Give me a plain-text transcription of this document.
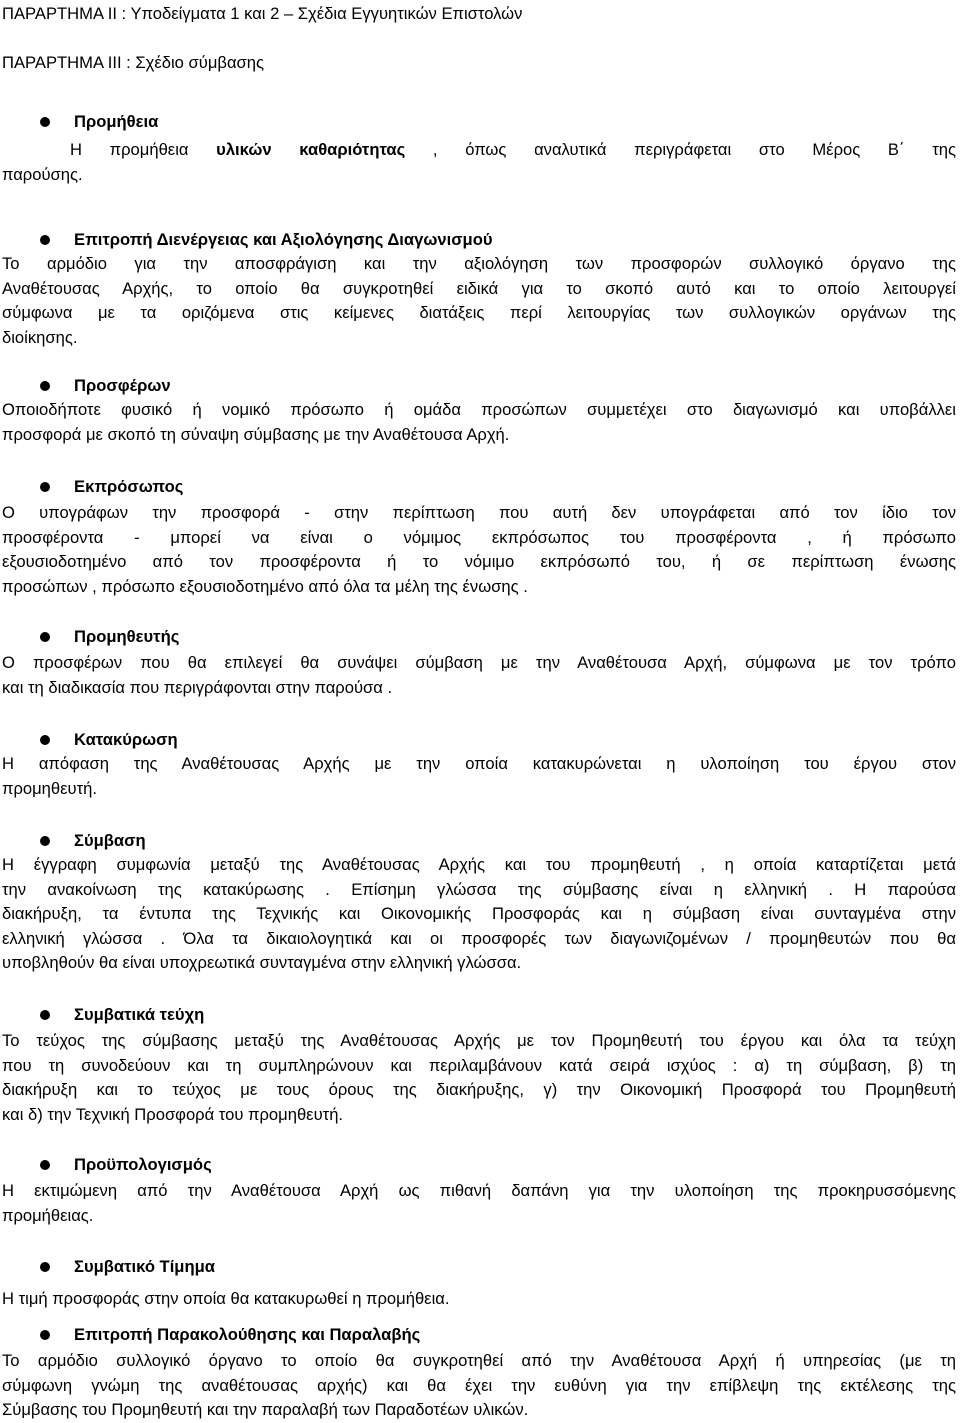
ΠΑΡΑΡΤΗΜΑ ΙΙ : Υποδείγματα 1 και 2 – Σχέδια Εγγυητικών Επιστολών
ΠΑΡΑΡΤΗΜΑ ΙΙΙ : Σχέδιο σύμβασης
Προμήθεια
Η προμήθεια υλικών καθαριότητας , όπως αναλυτικά περιγράφεται στο Μέρος Β΄ της
παρούσης.
Επιτροπή Διενέργειας και Αξιολόγησης Διαγωνισμού
Το αρμόδιο για την αποσφράγιση και την αξιολόγηση των προσφορών συλλογικό όργανο της
Αναθέτουσας Αρχής, το οποίο θα συγκροτηθεί ειδικά για το σκοπό αυτό και το οποίο λειτουργεί
σύμφωνα με τα οριζόμενα στις κείμενες διατάξεις περί λειτουργίας των συλλογικών οργάνων της
διοίκησης.
Προσφέρων
Οποιοδήποτε φυσικό ή νομικό πρόσωπο ή ομάδα προσώπων συμμετέχει στο διαγωνισμό και υποβάλλει
προσφορά με σκοπό τη σύναψη σύμβασης με την Αναθέτουσα Αρχή.
Εκπρόσωπος
Ο υπογράφων την προσφορά - στην περίπτωση που αυτή δεν υπογράφεται από τον ίδιο τον
προσφέροντα - μπορεί να είναι ο νόμιμος εκπρόσωπος του προσφέροντα , ή πρόσωπο
εξουσιοδοτημένο από τον προσφέροντα ή το νόμιμο εκπρόσωπό του, ή σε περίπτωση ένωσης
προσώπων , πρόσωπο εξουσιοδοτημένο από όλα τα μέλη της ένωσης .
Προμηθευτής
Ο προσφέρων που θα επιλεγεί θα συνάψει σύμβαση με την Αναθέτουσα Αρχή, σύμφωνα με τον τρόπο
και τη διαδικασία που περιγράφονται στην παρούσα .
Κατακύρωση
Η απόφαση της Αναθέτουσας Αρχής με την οποία κατακυρώνεται η υλοποίηση του έργου στον
προμηθευτή.
Σύμβαση
Η έγγραφη συμφωνία μεταξύ της Αναθέτουσας Αρχής και του προμηθευτή , η οποία καταρτίζεται μετά
την ανακοίνωση της κατακύρωσης . Επίσημη γλώσσα της σύμβασης είναι η ελληνική . Η παρούσα
διακήρυξη, τα έντυπα της Τεχνικής και Οικονομικής Προσφοράς και η σύμβαση είναι συνταγμένα στην
ελληνική γλώσσα . Όλα τα δικαιολογητικά και οι προσφορές των διαγωνιζομένων / προμηθευτών που θα
υποβληθούν θα είναι υποχρεωτικά συνταγμένα στην ελληνική γλώσσα.
Συμβατικά τεύχη
Το τεύχος της σύμβασης μεταξύ της Αναθέτουσας Αρχής με τον Προμηθευτή του έργου και όλα τα τεύχη
που τη συνοδεύουν και τη συμπληρώνουν και περιλαμβάνουν κατά σειρά ισχύος : α) τη σύμβαση, β) τη
διακήρυξη και το τεύχος με τους όρους της διακήρυξης, γ) την Οικονομική Προσφορά του Προμηθευτή
και δ) την Τεχνική Προσφορά του προμηθευτή.
Προϋπολογισμός
Η εκτιμώμενη από την Αναθέτουσα Αρχή ως πιθανή δαπάνη για την υλοποίηση της προκηρυσσόμενης
προμήθειας.
Συμβατικό Τίμημα
Η τιμή προσφοράς στην οποία θα κατακυρωθεί η προμήθεια.
Επιτροπή Παρακολούθησης και Παραλαβής
Το αρμόδιο συλλογικό όργανο το οποίο θα συγκροτηθεί από την Αναθέτουσα Αρχή ή υπηρεσίας (με τη
σύμφωνη γνώμη της αναθέτουσας αρχής) και θα έχει την ευθύνη για την επίβλεψη της εκτέλεσης της
Σύμβασης του Προμηθευτή και την παραλαβή των Παραδοτέων υλικών.
